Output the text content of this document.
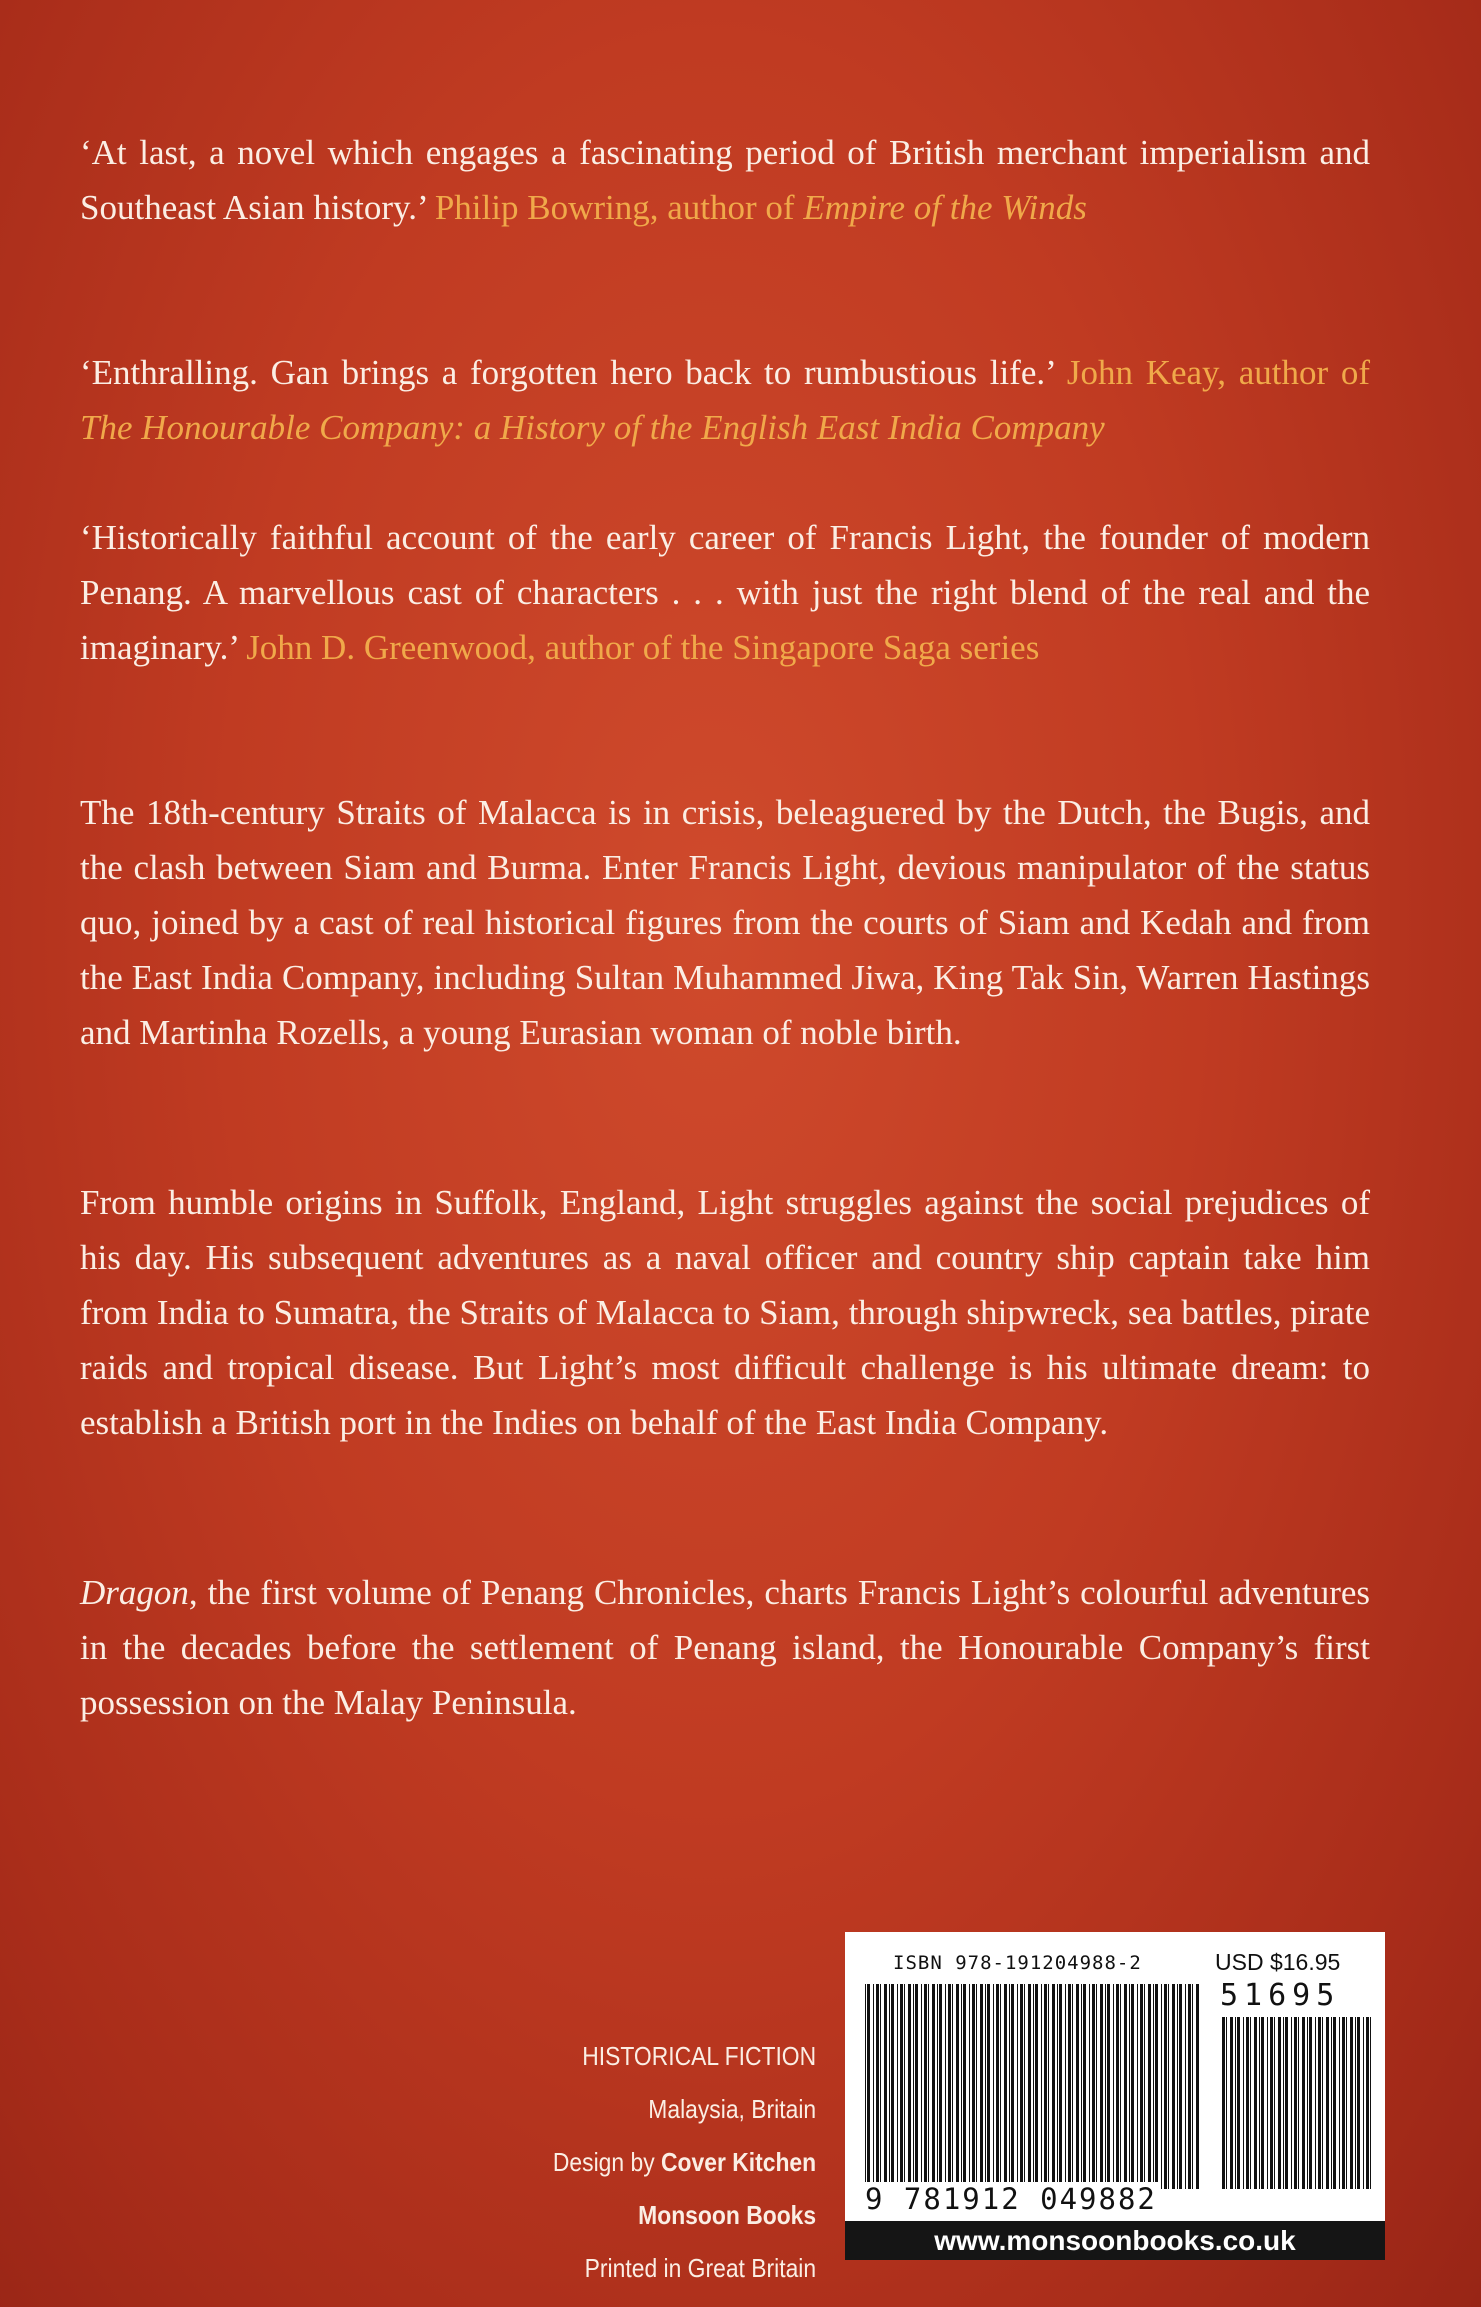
‘At last, a novel which engages a fascinating period of British merchant imperialism and Southeast Asian history.’ Philip Bowring, author of Empire of the Winds

‘Enthralling. Gan brings a forgotten hero back to rumbustious life.’ John Keay, author of The Honourable Company: a History of the English East India Company

‘Historically faithful account of the early career of Francis Light, the founder of modern Penang. A marvellous cast of characters . . . with just the right blend of the real and the imaginary.’ John D. Greenwood, author of the Singapore Saga series

The 18th-century Straits of Malacca is in crisis, beleaguered by the Dutch, the Bugis, and the clash between Siam and Burma. Enter Francis Light, devious manipulator of the status quo, joined by a cast of real historical figures from the courts of Siam and Kedah and from the East India Company, including Sultan Muhammed Jiwa, King Tak Sin, Warren Hastings and Martinha Rozells, a young Eurasian woman of noble birth.

From humble origins in Suffolk, England, Light struggles against the social prejudices of his day. His subsequent adventures as a naval officer and country ship captain take him from India to Sumatra, the Straits of Malacca to Siam, through shipwreck, sea battles, pirate raids and tropical disease. But Light’s most difficult challenge is his ultimate dream: to establish a British port in the Indies on behalf of the East India Company.

Dragon, the first volume of Penang Chronicles, charts Francis Light’s colourful adventures in the decades before the settlement of Penang island, the Honourable Company’s first possession on the Malay Peninsula.

HISTORICAL FICTION
Malaysia, Britain
Design by Cover Kitchen
Monsoon Books
Printed in Great Britain
ISBN 978-191204988-2	USD $16.95
51695
9 781912 049882
www.monsoonbooks.co.uk
